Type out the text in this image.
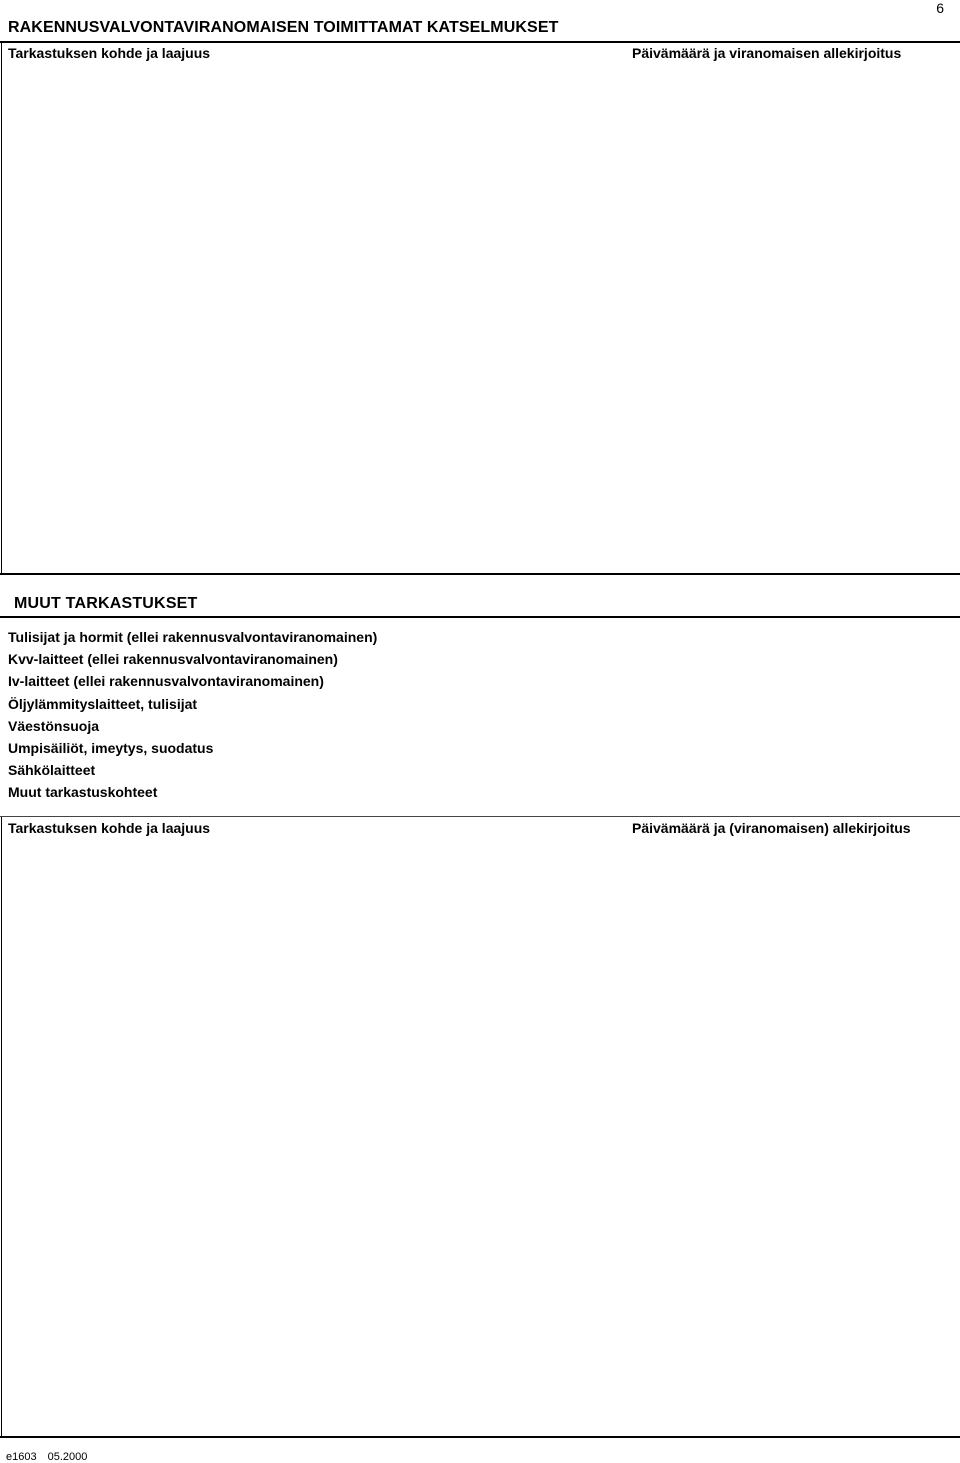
6
RAKENNUSVALVONTAVIRANOMAISEN TOIMITTAMAT KATSELMUKSET
Tarkastuksen kohde ja laajuus	Päivämäärä ja viranomaisen allekirjoitus
MUUT TARKASTUKSET
Tulisijat ja hormit (ellei rakennusvalvontaviranomainen)
Kvv-laitteet (ellei rakennusvalvontaviranomainen)
Iv-laitteet (ellei rakennusvalvontaviranomainen)
Öljylämmityslaitteet, tulisijat
Väestönsuoja
Umpisäiliöt, imeytys, suodatus
Sähkölaitteet
Muut tarkastuskohteet
Tarkastuksen kohde ja laajuus	Päivämäärä ja (viranomaisen) allekirjoitus
e1603 05.2000
